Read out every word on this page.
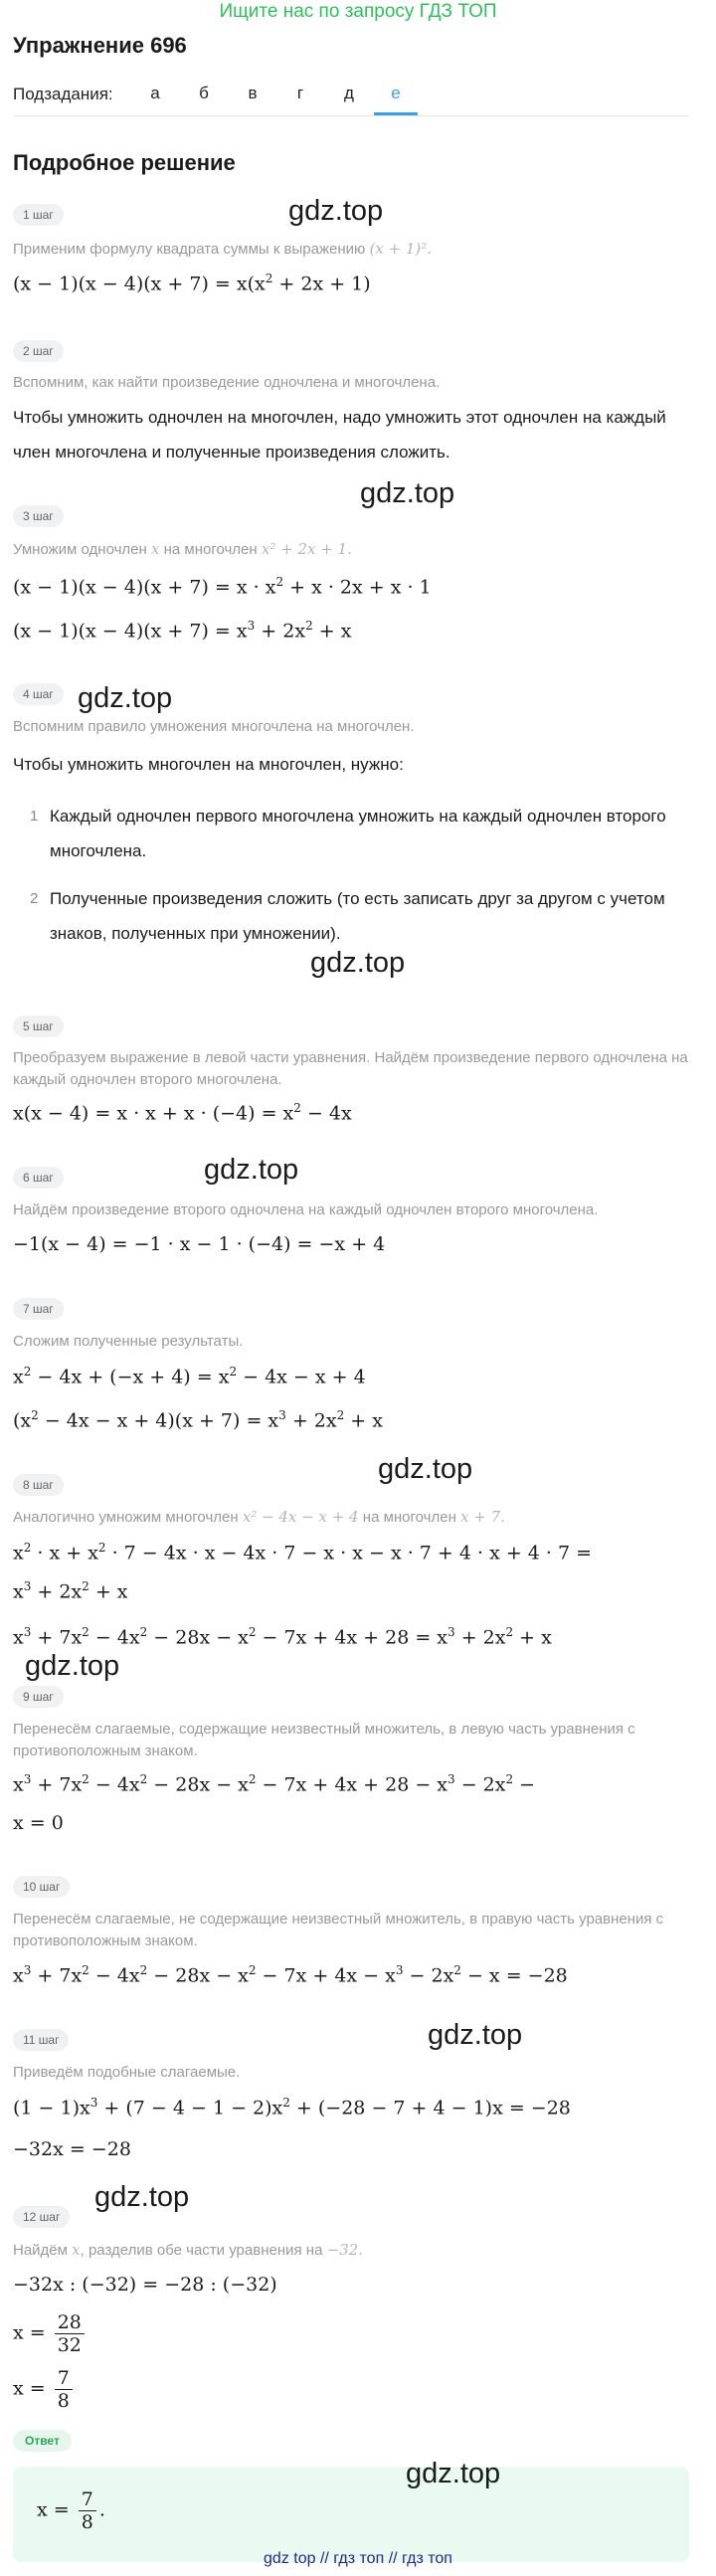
Ищите нас по запросу ГДЗ ТОП
Упражнение 696
Подзадания:	а	б	в	г	д	е
Подробное решение
1 шаг	gdz.top
Применим формулу квадрата суммы к выражению (x + 1)².
$(x - 1)(x - 4)(x + 7) = x(x^2 + 2x + 1)$
2 шаг
Вспомним, как найти произведение одночлена и многочлена.
Чтобы умножить одночлен на многочлен, надо умножить этот одночлен на каждый член многочлена и полученные произведения сложить.
gdz.top
3 шаг
Умножим одночлен x на многочлен x² + 2x + 1.
$(x - 1)(x - 4)(x + 7) = x \cdot x^2 + x \cdot 2x + x \cdot 1$
$(x - 1)(x - 4)(x + 7) = x^3 + 2x^2 + x$
4 шаг gdz.top
Вспомним правило умножения многочлена на многочлен.
Чтобы умножить многочлен на многочлен, нужно:
1 Каждый одночлен первого многочлена умножить на каждый одночлен второго многочлена.
2 Полученные произведения сложить (то есть записать друг за другом с учетом знаков, полученных при умножении).
gdz.top
5 шаг
Преобразуем выражение в левой части уравнения. Найдём произведение первого одночлена на каждый одночлен второго многочлена.
$x(x - 4) = x \cdot x + x \cdot (-4) = x^2 - 4x$
gdz.top
6 шаг
Найдём произведение второго одночлена на каждый одночлен второго многочлена.
−1(x − 4) = −1 · x − 1 · (−4) = −x + 4
7 шаг
Сложим полученные результаты.
$x^2 - 4x + (-x + 4) = x^2 - 4x - x + 4$
$(x^2 - 4x - x + 4)(x + 7) = x^3 + 2x^2 + x$
gdz.top
8 шаг
Аналогично умножим многочлен x² − 4x − x + 4 на многочлен x + 7.
$x^2 \cdot x + x^2 \cdot 7 - 4x \cdot x - 4x \cdot 7 - x \cdot x - x \cdot 7 + 4 \cdot x + 4 \cdot 7$ =
$x^3 + 2x^2 + x$
$x^3 + 7x^2 - 4x^2 - 28x - x^2 - 7x + 4x + 28 = x^3 + 2x^2 + x$
gdz.top
9 шаг
Перенесём слагаемые, содержащие неизвестный множитель, в левую часть уравнения с противоположным знаком.
$x^3 + 7x^2 - 4x^2 - 28x - x^2 - 7x + 4x + 28 - x^3 - 2x^2$ −
x = 0
10 шаг
Перенесём слагаемые, не содержащие неизвестный множитель, в правую часть уравнения с противоположным знаком.
$x^3 + 7x^2 - 4x^2 - 28x - x^2 - 7x + 4x - x^3 - 2x^2 - x = -28$
gdz.top
11 шаг
Приведём подобные слагаемые.
$(1 - 1)x^3 + (7 - 4 - 1 - 2)x^2 + (-28 - 7 + 4 - 1)x = -28$
−32x = −28
gdz.top
12 шаг
Найдём x, разделив обе части уравнения на −32.
−32x : (−32) = −28 : (−32)
$x = \frac{28}{32}$
$x = \frac{7}{8}$
Ответ
$x = \frac{7}{8}$ .
gdz.top
gdz top // гдз топ // гдз топ
